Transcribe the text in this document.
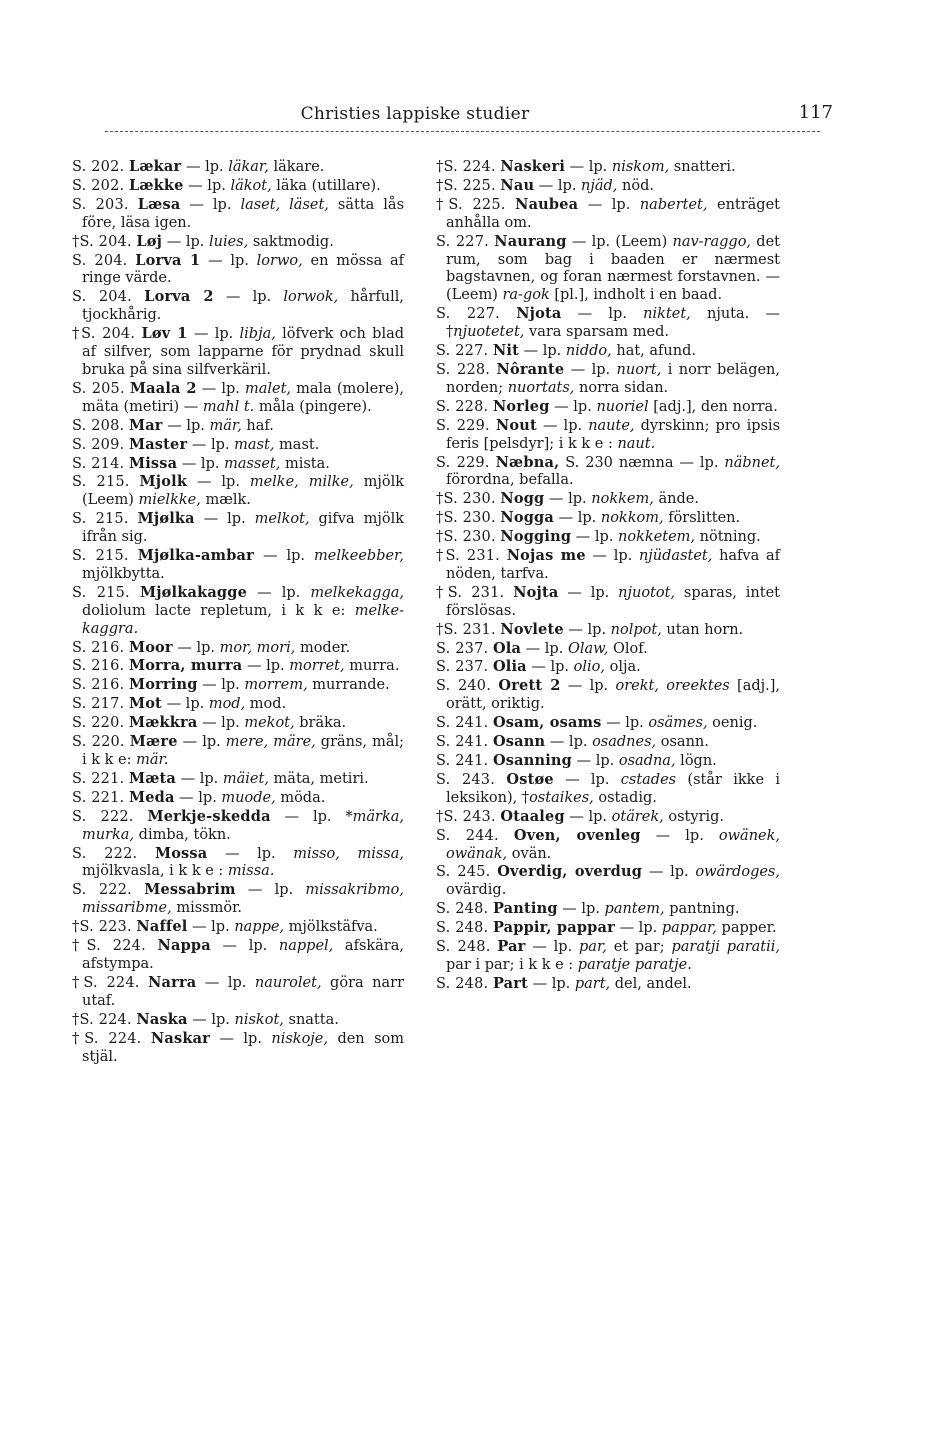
Christies lappiske studier	117
S. 202. Lækar — lp. läkar, läkare.
S. 202. Lække — lp. läkot, läka (utillare).
S. 203. Læsa — lp. laset, läset, sätta lås före, läsa igen.
†S. 204. Løj — lp. luies, saktmodig.
S. 204. Lorva 1 — lp. lorwo, en mössa af ringe värde.
S. 204. Lorva 2 — lp. lorwok, hårfull, tjockhårig.
†S. 204. Løv 1 — lp. libja, löfverk och blad af silfver, som lapparne för prydnad skull bruka på sina silfverkäril.
S. 205. Maala 2 — lp. malet, mala (molere), mäta (metiri) — mahl t. måla (pingere).
S. 208. Mar — lp. mär, haf.
S. 209. Master — lp. mast, mast.
S. 214. Missa — lp. masset, mista.
S. 215. Mjolk — lp. melke, milke, mjölk (Leem) mielkke, mælk.
S. 215. Mjølka — lp. melkot, gifva mjölk ifrån sig.
S. 215. Mjølka-ambar — lp. melkeebber, mjölkbytta.
S. 215. Mjølkakagge — lp. melkekagga, doliolum lacte repletum, i k k e: melke-kaggra.
S. 216. Moor — lp. mor, mori, moder.
S. 216. Morra, murra — lp. morret, murra.
S. 216. Morring — lp. morrem, murrande.
S. 217. Mot — lp. mod, mod.
S. 220. Mækkra — lp. mekot, bräka.
S. 220. Mære — lp. mere, märe, gräns, mål; i k k e: mär.
S. 221. Mæta — lp. mäiet, mäta, metiri.
S. 221. Meda — lp. muode, möda.
S. 222. Merkje-skedda — lp. *märka, murka, dimba, tökn.
S. 222. Mossa — lp. misso, missa, mjölkvasla, i k k e : missa.
S. 222. Messabrim — lp. missakribmo, missaribme, missmör.
†S. 223. Naffel — lp. nappe, mjölkstäfva.
†S. 224. Nappa — lp. nappel, afskära, afstympa.
†S. 224. Narra — lp. naurolet, göra narr utaf.
†S. 224. Naska — lp. niskot, snatta.
†S. 224. Naskar — lp. niskoje, den som stjäl.
†S. 224. Naskeri — lp. niskom, snatteri.
†S. 225. Nau — lp. njäd, nöd.
†S. 225. Naubea — lp. nabertet, enträget anhålla om.
S. 227. Naurang — lp. (Leem) nav-raggo, det rum, som bag i baaden er nærmest bagstavnen, og foran nærmest forstavnen. — (Leem) ra-gok [pl.], indholt i en baad.
S. 227. Njota — lp. niktet, njuta. — †njuotetet, vara sparsam med.
S. 227. Nit — lp. niddo, hat, afund.
S. 228. Nôrante — lp. nuort, i norr belägen, norden; nuortats, norra sidan.
S. 228. Norleg — lp. nuoriel [adj.], den norra.
S. 229. Nout — lp. naute, dyrskinn; pro ipsis feris [pelsdyr]; i k k e : naut.
S. 229. Næbna, S. 230 næmna — lp. näbnet, förordna, befalla.
†S. 230. Nogg — lp. nokkem, ände.
†S. 230. Nogga — lp. nokkom, förslitten.
†S. 230. Nogging — lp. nokketem, nötning.
†S. 231. Nojas me — lp. njüdastet, hafva af nöden, tarfva.
†S. 231. Nojta — lp. njuotot, sparas, intet förslösas.
†S. 231. Novlete — lp. nolpot, utan horn.
S. 237. Ola — lp. Olaw, Olof.
S. 237. Olia — lp. olio, olja.
S. 240. Orett 2 — lp. orekt, oreektes [adj.], orätt, oriktig.
S. 241. Osam, osams — lp. osämes, oenig.
S. 241. Osann — lp. osadnes, osann.
S. 241. Osanning — lp. osadna, lögn.
S. 243. Ostøe — lp. cstades (står ikke i leksikon), †ostaikes, ostadig.
†S. 243. Otaaleg — lp. otärek, ostyrig.
S. 244. Oven, ovenleg — lp. owänek, owänak, ovän.
S. 245. Overdig, overdug — lp. owärdoges, ovärdig.
S. 248. Panting — lp. pantem, pantning.
S. 248. Pappir, pappar — lp. pappar, papper.
S. 248. Par — lp. par, et par; paratji paratii, par i par; i k k e : paratje paratje.
S. 248. Part — lp. part, del, andel.
